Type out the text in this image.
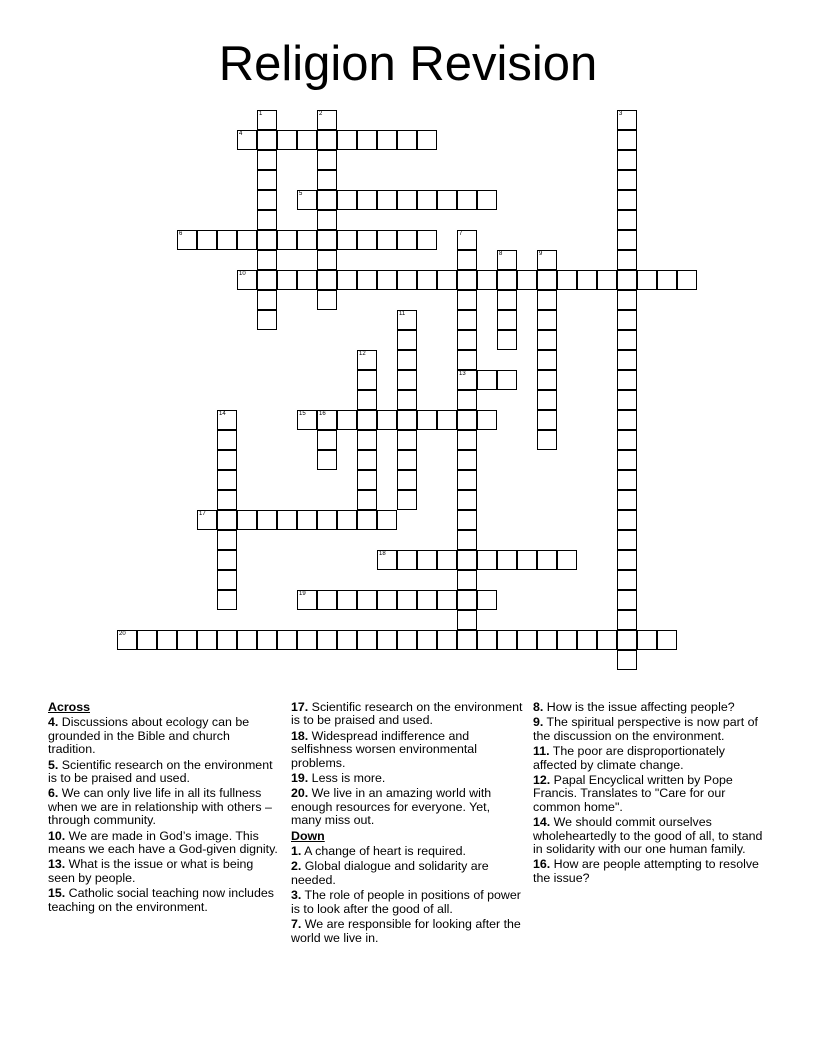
Religion Revision
4
5
6
10
13
15 16
17
18
19
20
1	2	3
7
8	9
11
12
14
Across
4. Discussions about ecology can be grounded in the Bible and church tradition.
5. Scientific research on the environment is to be praised and used.
6. We can only live life in all its fullness when we are in relationship with others – through community.
10. We are made in God’s image. This means we each have a God-given dignity.
13. What is the issue or what is being seen by people.
15. Catholic social teaching now includes teaching on the environment.
17. Scientific research on the environment is to be praised and used.
18. Widespread indifference and selfishness worsen environmental problems.
19. Less is more.
20. We live in an amazing world with enough resources for everyone. Yet, many miss out.
Down
1. A change of heart is required.
2. Global dialogue and solidarity are needed.
3. The role of people in positions of power is to look after the good of all.
7. We are responsible for looking after the world we live in.
8. How is the issue affecting people?
9. The spiritual perspective is now part of the discussion on the environment.
11. The poor are disproportionately affected by climate change.
12. Papal Encyclical written by Pope Francis. Translates to "Care for our common home".
14. We should commit ourselves wholeheartedly to the good of all, to stand in solidarity with our one human family.
16. How are people attempting to resolve the issue?
